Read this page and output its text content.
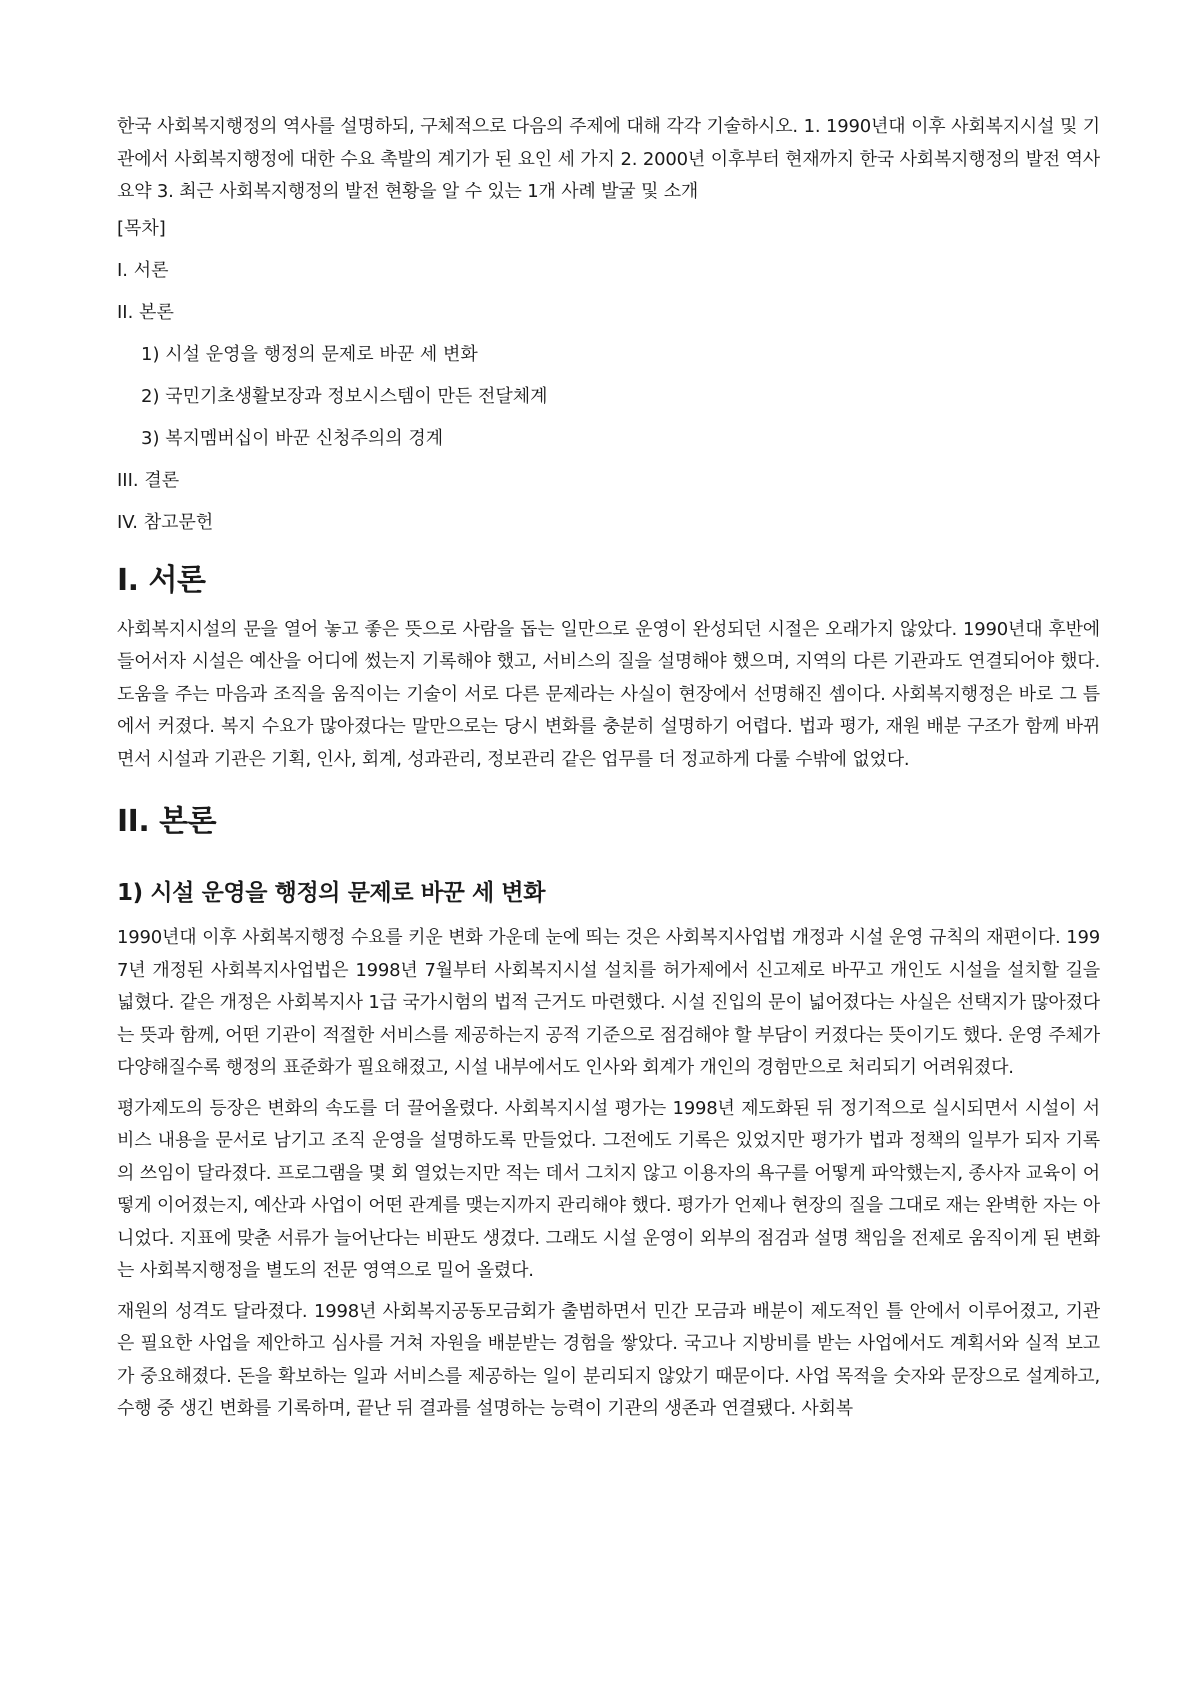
한국 사회복지행정의 역사를 설명하되, 구체적으로 다음의 주제에 대해 각각 기술하시오. 1. 1990년대 이후 사회복지시설 및 기관에서 사회복지행정에 대한 수요 촉발의 계기가 된 요인 세 가지 2. 2000년 이후부터 현재까지 한국 사회복지행정의 발전 역사 요약 3. 최근 사회복지행정의 발전 현황을 알 수 있는 1개 사례 발굴 및 소개

[목차]
I. 서론
II. 본론
1) 시설 운영을 행정의 문제로 바꾼 세 변화
2) 국민기초생활보장과 정보시스템이 만든 전달체계
3) 복지멤버십이 바꾼 신청주의의 경계
III. 결론
IV. 참고문헌
I. 서론

사회복지시설의 문을 열어 놓고 좋은 뜻으로 사람을 돕는 일만으로 운영이 완성되던 시절은 오래가지 않았다. 1990년대 후반에 들어서자 시설은 예산을 어디에 썼는지 기록해야 했고, 서비스의 질을 설명해야 했으며, 지역의 다른 기관과도 연결되어야 했다. 도움을 주는 마음과 조직을 움직이는 기술이 서로 다른 문제라는 사실이 현장에서 선명해진 셈이다. 사회복지행정은 바로 그 틈에서 커졌다. 복지 수요가 많아졌다는 말만으로는 당시 변화를 충분히 설명하기 어렵다. 법과 평가, 재원 배분 구조가 함께 바뀌면서 시설과 기관은 기획, 인사, 회계, 성과관리, 정보관리 같은 업무를 더 정교하게 다룰 수밖에 없었다.

II. 본론
1) 시설 운영을 행정의 문제로 바꾼 세 변화

1990년대 이후 사회복지행정 수요를 키운 변화 가운데 눈에 띄는 것은 사회복지사업법 개정과 시설 운영 규칙의 재편이다. 1997년 개정된 사회복지사업법은 1998년 7월부터 사회복지시설 설치를 허가제에서 신고제로 바꾸고 개인도 시설을 설치할 길을 넓혔다. 같은 개정은 사회복지사 1급 국가시험의 법적 근거도 마련했다. 시설 진입의 문이 넓어졌다는 사실은 선택지가 많아졌다는 뜻과 함께, 어떤 기관이 적절한 서비스를 제공하는지 공적 기준으로 점검해야 할 부담이 커졌다는 뜻이기도 했다. 운영 주체가 다양해질수록 행정의 표준화가 필요해졌고, 시설 내부에서도 인사와 회계가 개인의 경험만으로 처리되기 어려워졌다.

평가제도의 등장은 변화의 속도를 더 끌어올렸다. 사회복지시설 평가는 1998년 제도화된 뒤 정기적으로 실시되면서 시설이 서비스 내용을 문서로 남기고 조직 운영을 설명하도록 만들었다. 그전에도 기록은 있었지만 평가가 법과 정책의 일부가 되자 기록의 쓰임이 달라졌다. 프로그램을 몇 회 열었는지만 적는 데서 그치지 않고 이용자의 욕구를 어떻게 파악했는지, 종사자 교육이 어떻게 이어졌는지, 예산과 사업이 어떤 관계를 맺는지까지 관리해야 했다. 평가가 언제나 현장의 질을 그대로 재는 완벽한 자는 아니었다. 지표에 맞춘 서류가 늘어난다는 비판도 생겼다. 그래도 시설 운영이 외부의 점검과 설명 책임을 전제로 움직이게 된 변화는 사회복지행정을 별도의 전문 영역으로 밀어 올렸다.

재원의 성격도 달라졌다. 1998년 사회복지공동모금회가 출범하면서 민간 모금과 배분이 제도적인 틀 안에서 이루어졌고, 기관은 필요한 사업을 제안하고 심사를 거쳐 자원을 배분받는 경험을 쌓았다. 국고나 지방비를 받는 사업에서도 계획서와 실적 보고가 중요해졌다. 돈을 확보하는 일과 서비스를 제공하는 일이 분리되지 않았기 때문이다. 사업 목적을 숫자와 문장으로 설계하고, 수행 중 생긴 변화를 기록하며, 끝난 뒤 결과를 설명하는 능력이 기관의 생존과 연결됐다. 사회복
